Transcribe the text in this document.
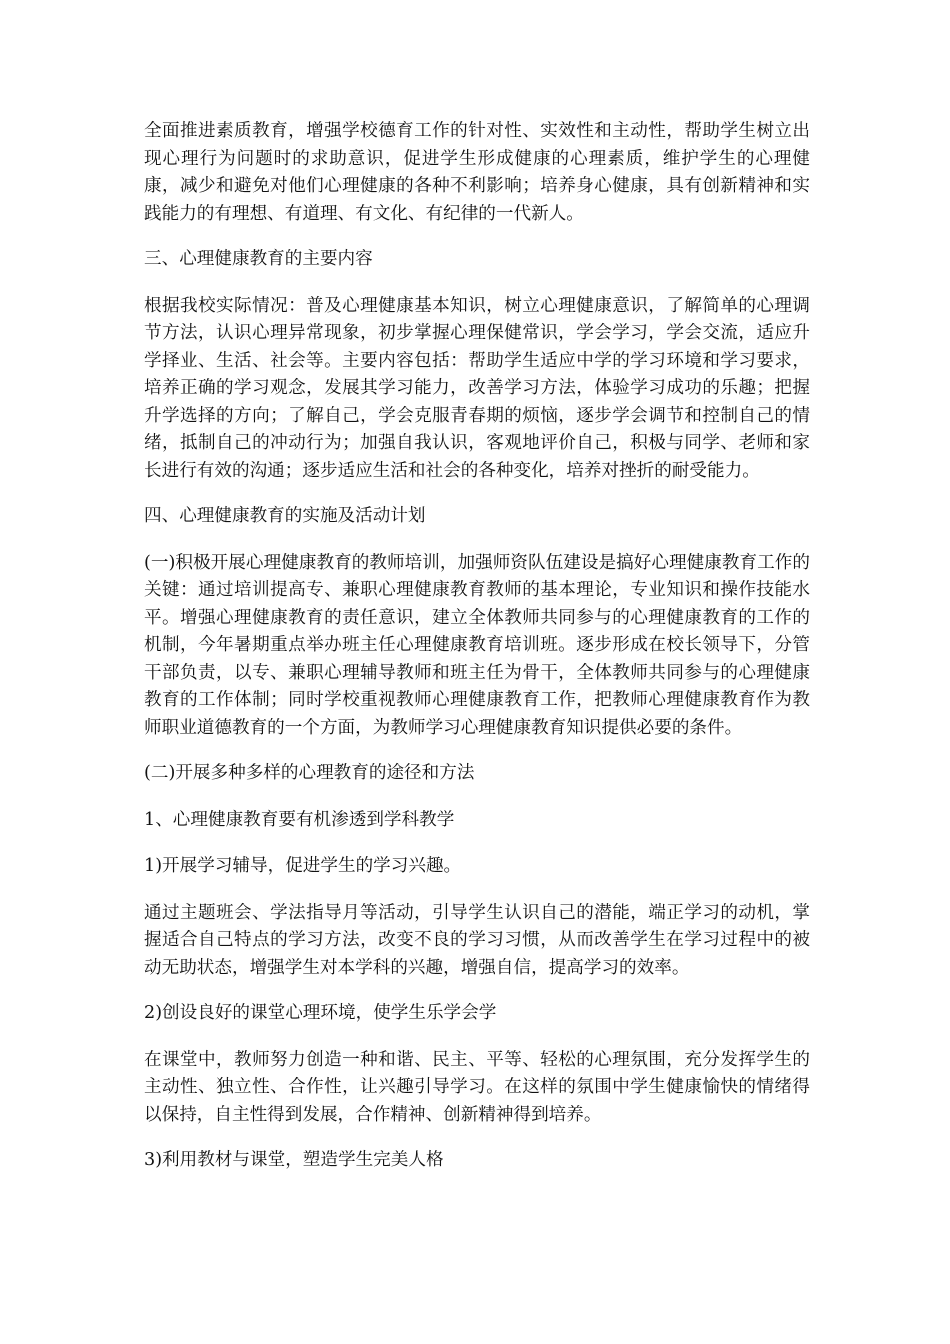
全面推进素质教育，增强学校德育工作的针对性、实效性和主动性，帮助学生树立出现心理行为问题时的求助意识，促进学生形成健康的心理素质，维护学生的心理健康，减少和避免对他们心理健康的各种不利影响；培养身心健康，具有创新精神和实践能力的有理想、有道理、有文化、有纪律的一代新人。

三、心理健康教育的主要内容

根据我校实际情况：普及心理健康基本知识，树立心理健康意识，了解简单的心理调节方法，认识心理异常现象，初步掌握心理保健常识，学会学习，学会交流，适应升学择业、生活、社会等。主要内容包括：帮助学生适应中学的学习环境和学习要求，培养正确的学习观念，发展其学习能力，改善学习方法，体验学习成功的乐趣；把握升学选择的方向；了解自己，学会克服青春期的烦恼，逐步学会调节和控制自己的情绪，抵制自己的冲动行为；加强自我认识，客观地评价自己，积极与同学、老师和家长进行有效的沟通；逐步适应生活和社会的各种变化，培养对挫折的耐受能力。

四、心理健康教育的实施及活动计划

(一)积极开展心理健康教育的教师培训，加强师资队伍建设是搞好心理健康教育工作的关键：通过培训提高专、兼职心理健康教育教师的基本理论，专业知识和操作技能水平。增强心理健康教育的责任意识，建立全体教师共同参与的心理健康教育的工作的机制，今年暑期重点举办班主任心理健康教育培训班。逐步形成在校长领导下，分管干部负责，以专、兼职心理辅导教师和班主任为骨干，全体教师共同参与的心理健康教育的工作体制；同时学校重视教师心理健康教育工作，把教师心理健康教育作为教师职业道德教育的一个方面，为教师学习心理健康教育知识提供必要的条件。

(二)开展多种多样的心理教育的途径和方法

1、心理健康教育要有机渗透到学科教学

1)开展学习辅导，促进学生的学习兴趣。

通过主题班会、学法指导月等活动，引导学生认识自己的潜能，端正学习的动机，掌握适合自己特点的学习方法，改变不良的学习习惯，从而改善学生在学习过程中的被动无助状态，增强学生对本学科的兴趣，增强自信，提高学习的效率。

2)创设良好的课堂心理环境，使学生乐学会学

在课堂中，教师努力创造一种和谐、民主、平等、轻松的心理氛围，充分发挥学生的主动性、独立性、合作性，让兴趣引导学习。在这样的氛围中学生健康愉快的情绪得以保持，自主性得到发展，合作精神、创新精神得到培养。

3)利用教材与课堂，塑造学生完美人格
